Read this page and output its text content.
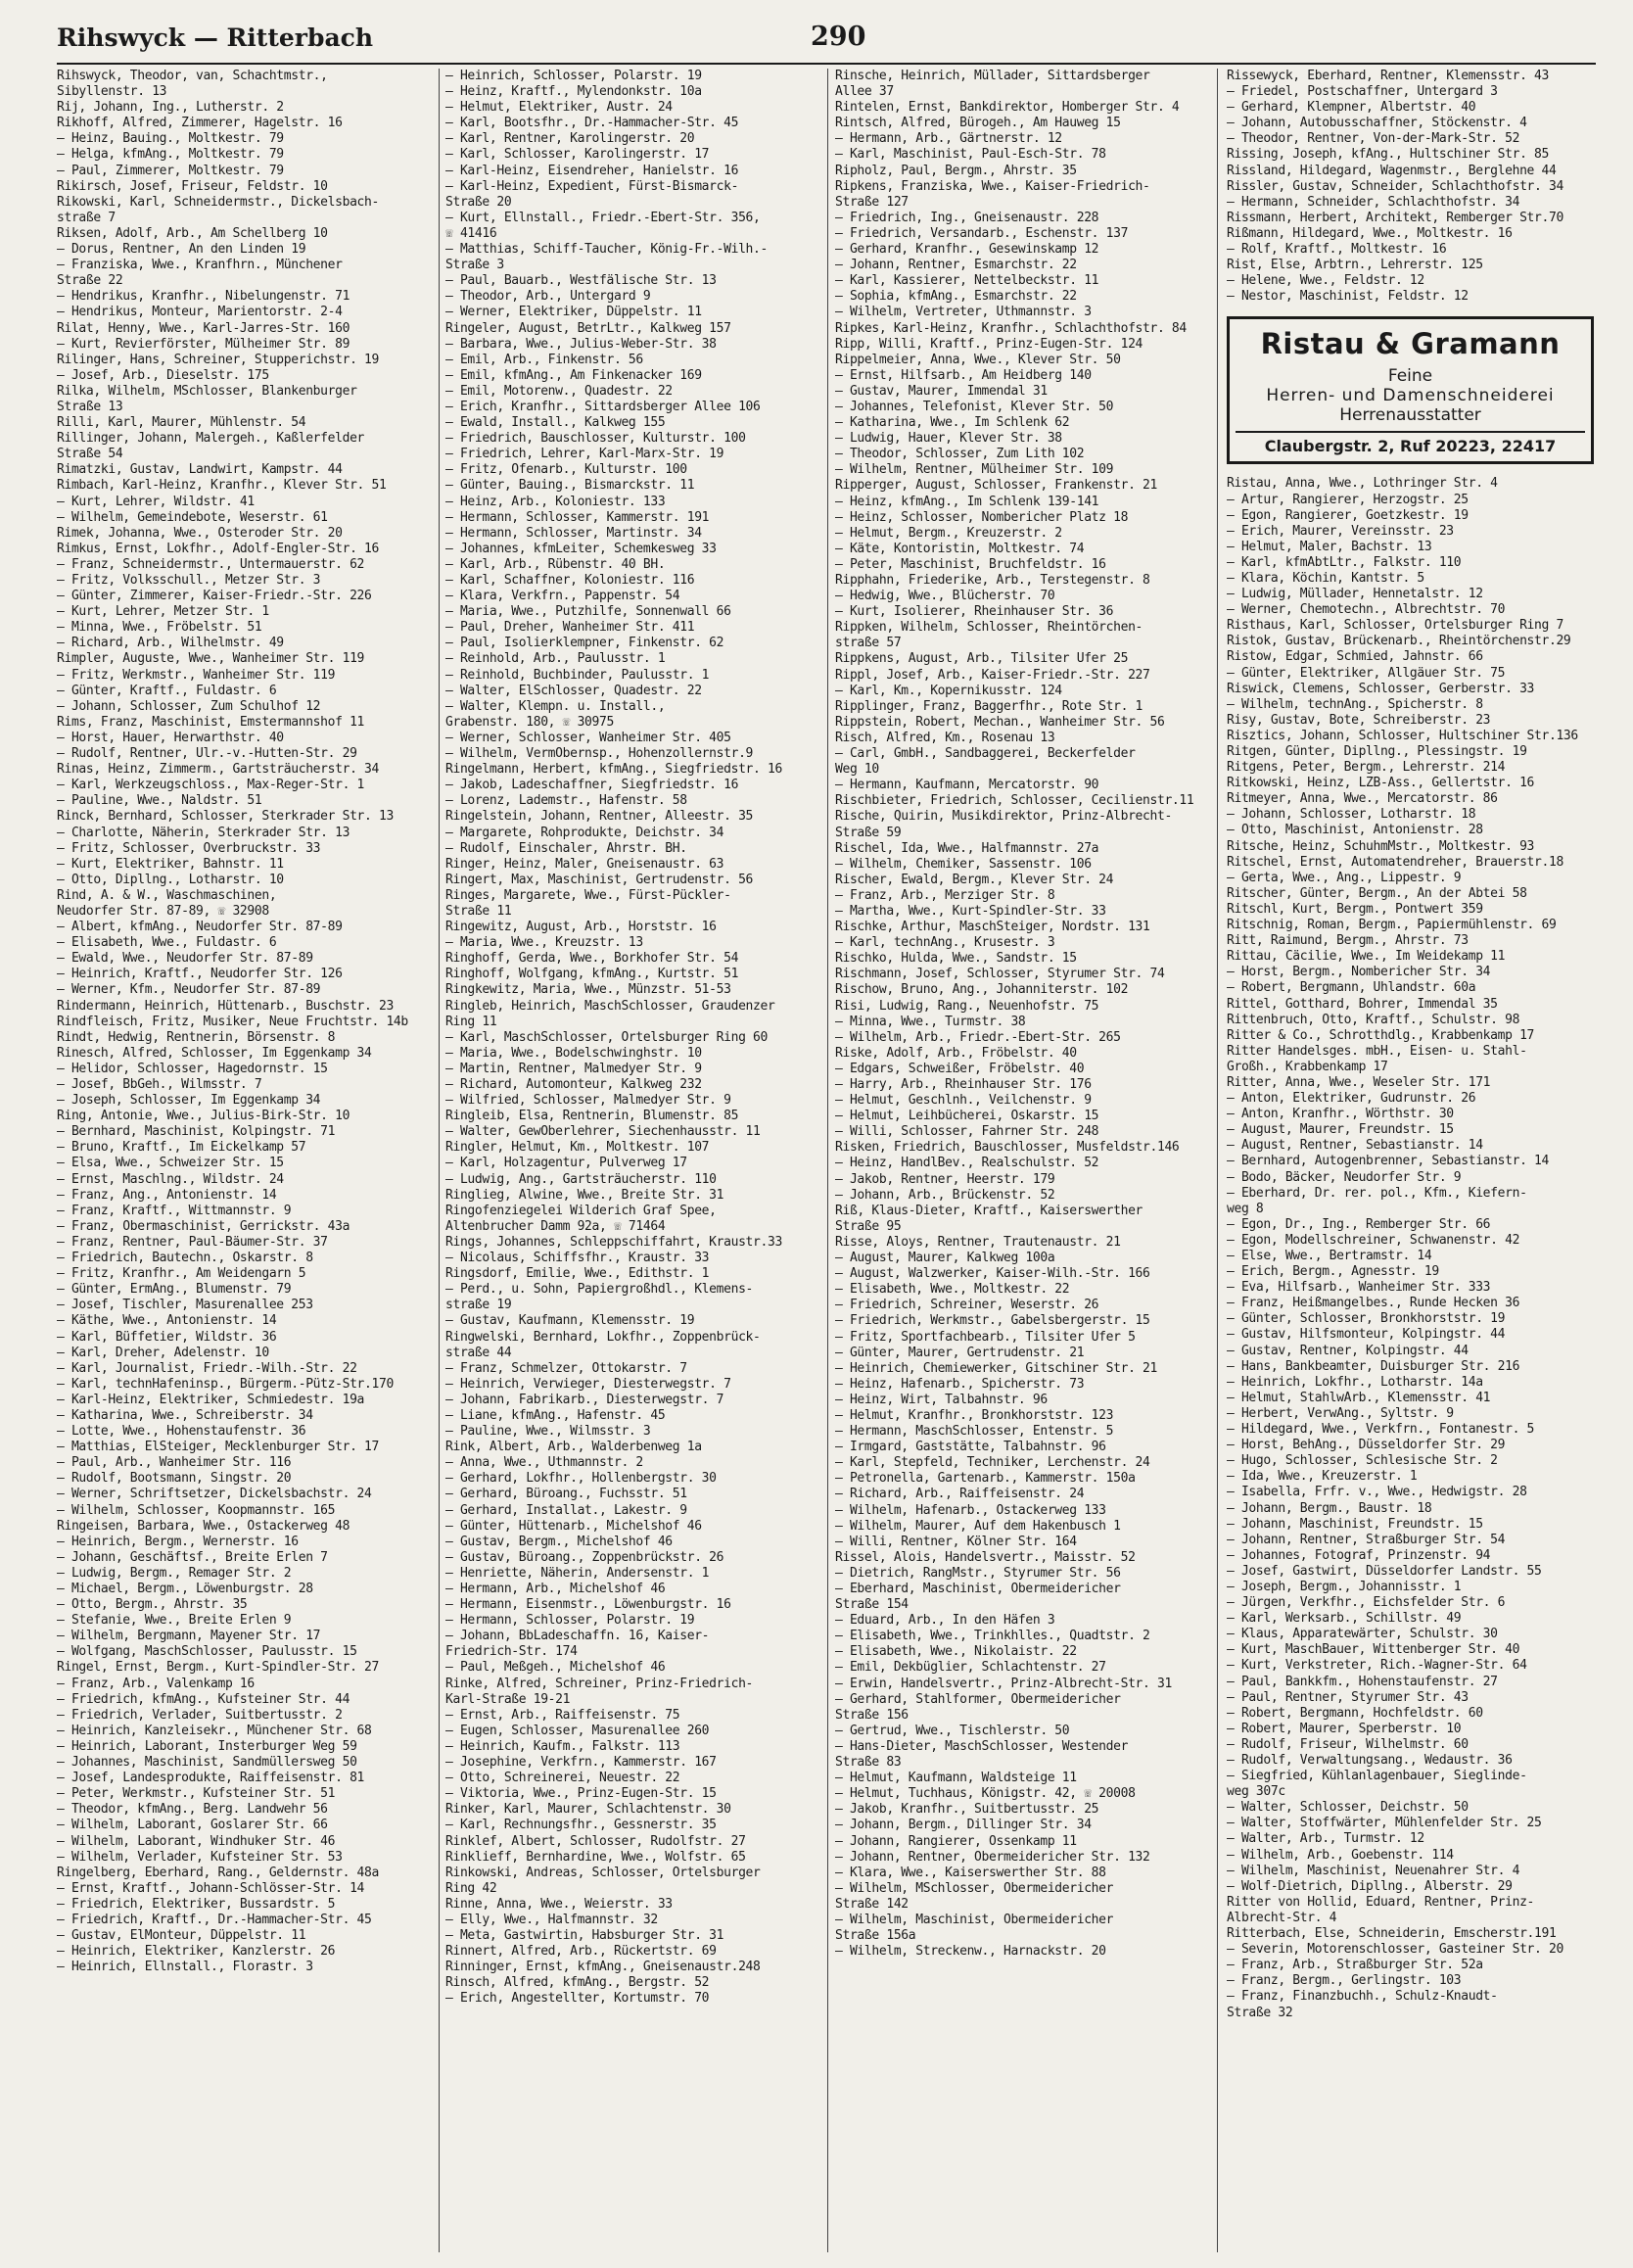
Rihswyck — Ritterbach	290
Rihswyck, Theodor, van, Schachtmstr.,
Sibyllenstr. 13
Rij, Johann, Ing., Lutherstr. 2
Rikhoff, Alfred, Zimmerer, Hagelstr. 16
— Heinz, Bauing., Moltkestr. 79
— Helga, kfmAng., Moltkestr. 79
— Paul, Zimmerer, Moltkestr. 79
Rikirsch, Josef, Friseur, Feldstr. 10
Rikowski, Karl, Schneidermstr., Dickelsbach-
straße 7
Riksen, Adolf, Arb., Am Schellberg 10
— Dorus, Rentner, An den Linden 19
— Franziska, Wwe., Kranfhrn., Münchener
Straße 22
— Hendrikus, Kranfhr., Nibelungenstr. 71
— Hendrikus, Monteur, Marientorstr. 2-4
Rilat, Henny, Wwe., Karl-Jarres-Str. 160
— Kurt, Revierförster, Mülheimer Str. 89
Rilinger, Hans, Schreiner, Stupperichstr. 19
— Josef, Arb., Dieselstr. 175
Rilka, Wilhelm, MSchlosser, Blankenburger
Straße 13
Rilli, Karl, Maurer, Mühlenstr. 54
Rillinger, Johann, Malergeh., Kaßlerfelder
Straße 54
Rimatzki, Gustav, Landwirt, Kampstr. 44
Rimbach, Karl-Heinz, Kranfhr., Klever Str. 51
— Kurt, Lehrer, Wildstr. 41
— Wilhelm, Gemeindebote, Weserstr. 61
Rimek, Johanna, Wwe., Osteroder Str. 20
Rimkus, Ernst, Lokfhr., Adolf-Engler-Str. 16
— Franz, Schneidermstr., Untermauerstr. 62
— Fritz, Volksschull., Metzer Str. 3
— Günter, Zimmerer, Kaiser-Friedr.-Str. 226
— Kurt, Lehrer, Metzer Str. 1
— Minna, Wwe., Fröbelstr. 51
— Richard, Arb., Wilhelmstr. 49
Rimpler, Auguste, Wwe., Wanheimer Str. 119
— Fritz, Werkmstr., Wanheimer Str. 119
— Günter, Kraftf., Fuldastr. 6
— Johann, Schlosser, Zum Schulhof 12
Rims, Franz, Maschinist, Emstermannshof 11
— Horst, Hauer, Herwarthstr. 40
— Rudolf, Rentner, Ulr.-v.-Hutten-Str. 29
Rinas, Heinz, Zimmerm., Gartsträucherstr. 34
— Karl, Werkzeugschloss., Max-Reger-Str. 1
— Pauline, Wwe., Naldstr. 51
Rinck, Bernhard, Schlosser, Sterkrader Str. 13
— Charlotte, Näherin, Sterkrader Str. 13
— Fritz, Schlosser, Overbruckstr. 33
— Kurt, Elektriker, Bahnstr. 11
— Otto, Dipllng., Lotharstr. 10
Rind, A. & W., Waschmaschinen,
Neudorfer Str. 87-89, ☏ 32908
— Albert, kfmAng., Neudorfer Str. 87-89
— Elisabeth, Wwe., Fuldastr. 6
— Ewald, Wwe., Neudorfer Str. 87-89
— Heinrich, Kraftf., Neudorfer Str. 126
— Werner, Kfm., Neudorfer Str. 87-89
Rindermann, Heinrich, Hüttenarb., Buschstr. 23
Rindfleisch, Fritz, Musiker, Neue Fruchtstr. 14b
Rindt, Hedwig, Rentnerin, Börsenstr. 8
Rinesch, Alfred, Schlosser, Im Eggenkamp 34
— Helidor, Schlosser, Hagedornstr. 15
— Josef, BbGeh., Wilmsstr. 7
— Joseph, Schlosser, Im Eggenkamp 34
Ring, Antonie, Wwe., Julius-Birk-Str. 10
— Bernhard, Maschinist, Kolpingstr. 71
— Bruno, Kraftf., Im Eickelkamp 57
— Elsa, Wwe., Schweizer Str. 15
— Ernst, Maschlng., Wildstr. 24
— Franz, Ang., Antonienstr. 14
— Franz, Kraftf., Wittmannstr. 9
— Franz, Obermaschinist, Gerrickstr. 43a
— Franz, Rentner, Paul-Bäumer-Str. 37
— Friedrich, Bautechn., Oskarstr. 8
— Fritz, Kranfhr., Am Weidengarn 5
— Günter, ErmAng., Blumenstr. 79
— Josef, Tischler, Masurenallee 253
— Käthe, Wwe., Antonienstr. 14
— Karl, Büffetier, Wildstr. 36
— Karl, Dreher, Adelenstr. 10
— Karl, Journalist, Friedr.-Wilh.-Str. 22
— Karl, technHafeninsp., Bürgerm.-Pütz-Str.170
— Karl-Heinz, Elektriker, Schmiedestr. 19a
— Katharina, Wwe., Schreiberstr. 34
— Lotte, Wwe., Hohenstaufenstr. 36
— Matthias, ElSteiger, Mecklenburger Str. 17
— Paul, Arb., Wanheimer Str. 116
— Rudolf, Bootsmann, Singstr. 20
— Werner, Schriftsetzer, Dickelsbachstr. 24
— Wilhelm, Schlosser, Koopmannstr. 165
Ringeisen, Barbara, Wwe., Ostackerweg 48
— Heinrich, Bergm., Wernerstr. 16
— Johann, Geschäftsf., Breite Erlen 7
— Ludwig, Bergm., Remager Str. 2
— Michael, Bergm., Löwenburgstr. 28
— Otto, Bergm., Ahrstr. 35
— Stefanie, Wwe., Breite Erlen 9
— Wilhelm, Bergmann, Mayener Str. 17
— Wolfgang, MaschSchlosser, Paulusstr. 15
Ringel, Ernst, Bergm., Kurt-Spindler-Str. 27
— Franz, Arb., Valenkamp 16
— Friedrich, kfmAng., Kufsteiner Str. 44
— Friedrich, Verlader, Suitbertusstr. 2
— Heinrich, Kanzleisekr., Münchener Str. 68
— Heinrich, Laborant, Insterburger Weg 59
— Johannes, Maschinist, Sandmüllersweg 50
— Josef, Landesprodukte, Raiffeisenstr. 81
— Peter, Werkmstr., Kufsteiner Str. 51
— Theodor, kfmAng., Berg. Landwehr 56
— Wilhelm, Laborant, Goslarer Str. 66
— Wilhelm, Laborant, Windhuker Str. 46
— Wilhelm, Verlader, Kufsteiner Str. 53
Ringelberg, Eberhard, Rang., Geldernstr. 48a
— Ernst, Kraftf., Johann-Schlösser-Str. 14
— Friedrich, Elektriker, Bussardstr. 5
— Friedrich, Kraftf., Dr.-Hammacher-Str. 45
— Gustav, ElMonteur, Düppelstr. 11
— Heinrich, Elektriker, Kanzlerstr. 26
— Heinrich, Ellnstall., Florastr. 3
— Heinrich, Schlosser, Polarstr. 19
— Heinz, Kraftf., Mylendonkstr. 10a
— Helmut, Elektriker, Austr. 24
— Karl, Bootsfhr., Dr.-Hammacher-Str. 45
— Karl, Rentner, Karolingerstr. 20
— Karl, Schlosser, Karolingerstr. 17
— Karl-Heinz, Eisendreher, Hanielstr. 16
— Karl-Heinz, Expedient, Fürst-Bismarck-
Straße 20
— Kurt, Ellnstall., Friedr.-Ebert-Str. 356,
☏ 41416
— Matthias, Schiff-Taucher, König-Fr.-Wilh.-
Straße 3
— Paul, Bauarb., Westfälische Str. 13
— Theodor, Arb., Untergard 9
— Werner, Elektriker, Düppelstr. 11
Ringeler, August, BetrLtr., Kalkweg 157
— Barbara, Wwe., Julius-Weber-Str. 38
— Emil, Arb., Finkenstr. 56
— Emil, kfmAng., Am Finkenacker 169
— Emil, Motorenw., Quadestr. 22
— Erich, Kranfhr., Sittardsberger Allee 106
— Ewald, Install., Kalkweg 155
— Friedrich, Bauschlosser, Kulturstr. 100
— Friedrich, Lehrer, Karl-Marx-Str. 19
— Fritz, Ofenarb., Kulturstr. 100
— Günter, Bauing., Bismarckstr. 11
— Heinz, Arb., Koloniestr. 133
— Hermann, Schlosser, Kammerstr. 191
— Hermann, Schlosser, Martinstr. 34
— Johannes, kfmLeiter, Schemkesweg 33
— Karl, Arb., Rübenstr. 40 BH.
— Karl, Schaffner, Koloniestr. 116
— Klara, Verkfrn., Pappenstr. 54
— Maria, Wwe., Putzhilfe, Sonnenwall 66
— Paul, Dreher, Wanheimer Str. 411
— Paul, Isolierklempner, Finkenstr. 62
— Reinhold, Arb., Paulusstr. 1
— Reinhold, Buchbinder, Paulusstr. 1
— Walter, ElSchlosser, Quadestr. 22
— Walter, Klempn. u. Install.,
Grabenstr. 180, ☏ 30975
— Werner, Schlosser, Wanheimer Str. 405
— Wilhelm, VermObernsp., Hohenzollernstr.9
Ringelmann, Herbert, kfmAng., Siegfriedstr. 16
— Jakob, Ladeschaffner, Siegfriedstr. 16
— Lorenz, Lademstr., Hafenstr. 58
Ringelstein, Johann, Rentner, Alleestr. 35
— Margarete, Rohprodukte, Deichstr. 34
— Rudolf, Einschaler, Ahrstr. BH.
Ringer, Heinz, Maler, Gneisenaustr. 63
Ringert, Max, Maschinist, Gertrudenstr. 56
Ringes, Margarete, Wwe., Fürst-Pückler-
Straße 11
Ringewitz, August, Arb., Horststr. 16
— Maria, Wwe., Kreuzstr. 13
Ringhoff, Gerda, Wwe., Borkhofer Str. 54
Ringhoff, Wolfgang, kfmAng., Kurtstr. 51
Ringkewitz, Maria, Wwe., Münzstr. 51-53
Ringleb, Heinrich, MaschSchlosser, Graudenzer
Ring 11
— Karl, MaschSchlosser, Ortelsburger Ring 60
— Maria, Wwe., Bodelschwinghstr. 10
— Martin, Rentner, Malmedyer Str. 9
— Richard, Automonteur, Kalkweg 232
— Wilfried, Schlosser, Malmedyer Str. 9
Ringleib, Elsa, Rentnerin, Blumenstr. 85
— Walter, GewÖberlehrer, Siechenhausstr. 11
Ringler, Helmut, Km., Moltkestr. 107
— Karl, Holzagentur, Pulverweg 17
— Ludwig, Ang., Gartsträucherstr. 110
Ringlieg, Alwine, Wwe., Breite Str. 31
Ringofenziegelei Wilderich Graf Spee,
Altenbrucher Damm 92a, ☏ 71464
Rings, Johannes, Schleppschiffahrt, Kraustr.33
— Nicolaus, Schiffsfhr., Kraustr. 33
Ringsdorf, Emilie, Wwe., Edithstr. 1
— Perd., u. Sohn, Papiergroßhdl., Klemens-
straße 19
— Gustav, Kaufmann, Klemensstr. 19
Ringwelski, Bernhard, Lokfhr., Zoppenbrück-
straße 44
— Franz, Schmelzer, Ottokarstr. 7
— Heinrich, Verwieger, Diesterwegstr. 7
— Johann, Fabrikarb., Diesterwegstr. 7
— Liane, kfmAng., Hafenstr. 45
— Pauline, Wwe., Wilmsstr. 3
Rink, Albert, Arb., Walderbenweg 1a
— Anna, Wwe., Uthmannstr. 2
— Gerhard, Lokfhr., Hollenbergstr. 30
— Gerhard, Büroang., Fuchsstr. 51
— Gerhard, Installat., Lakestr. 9
— Günter, Hüttenarb., Michelshof 46
— Gustav, Bergm., Michelshof 46
— Gustav, Büroang., Zoppenbrückstr. 26
— Henriette, Näherin, Andersenstr. 1
— Hermann, Arb., Michelshof 46
— Hermann, Eisenmstr., Löwenburgstr. 16
— Hermann, Schlosser, Polarstr. 19
— Johann, BbLadeschaffn. 16, Kaiser-
Friedrich-Str. 174
— Paul, Meßgeh., Michelshof 46
Rinke, Alfred, Schreiner, Prinz-Friedrich-
Karl-Straße 19-21
— Ernst, Arb., Raiffeisenstr. 75
— Eugen, Schlosser, Masurenallee 260
— Heinrich, Kaufm., Falkstr. 113
— Josephine, Verkfrn., Kammerstr. 167
— Otto, Schreinerei, Neuestr. 22
— Viktoria, Wwe., Prinz-Eugen-Str. 15
Rinker, Karl, Maurer, Schlachtenstr. 30
— Karl, Rechnungsfhr., Gessnerstr. 35
Rinklef, Albert, Schlosser, Rudolfstr. 27
Rinklieff, Bernhardine, Wwe., Wolfstr. 65
Rinkowski, Andreas, Schlosser, Ortelsburger
Ring 42
Rinne, Anna, Wwe., Weierstr. 33
— Elly, Wwe., Halfmannstr. 32
— Meta, Gastwirtin, Habsburger Str. 31
Rinnert, Alfred, Arb., Rückertstr. 69
Rinninger, Ernst, kfmAng., Gneisenaustr.248
Rinsch, Alfred, kfmAng., Bergstr. 52
— Erich, Angestellter, Kortumstr. 70
Rinsche, Heinrich, Müllader, Sittardsberger
Allee 37
Rintelen, Ernst, Bankdirektor, Homberger Str. 4
Rintsch, Alfred, Bürogeh., Am Hauweg 15
— Hermann, Arb., Gärtnerstr. 12
— Karl, Maschinist, Paul-Esch-Str. 78
Ripholz, Paul, Bergm., Ahrstr. 35
Ripkens, Franziska, Wwe., Kaiser-Friedrich-
Straße 127
— Friedrich, Ing., Gneisenaustr. 228
— Friedrich, Versandarb., Eschenstr. 137
— Gerhard, Kranfhr., Gesewinskamp 12
— Johann, Rentner, Esmarchstr. 22
— Karl, Kassierer, Nettelbeckstr. 11
— Sophia, kfmAng., Esmarchstr. 22
— Wilhelm, Vertreter, Uthmannstr. 3
Ripkes, Karl-Heinz, Kranfhr., Schlachthofstr. 84
Ripp, Willi, Kraftf., Prinz-Eugen-Str. 124
Rippelmeier, Anna, Wwe., Klever Str. 50
— Ernst, Hilfsarb., Am Heidberg 140
— Gustav, Maurer, Immendal 31
— Johannes, Telefonist, Klever Str. 50
— Katharina, Wwe., Im Schlenk 62
— Ludwig, Hauer, Klever Str. 38
— Theodor, Schlosser, Zum Lith 102
— Wilhelm, Rentner, Mülheimer Str. 109
Ripperger, August, Schlosser, Frankenstr. 21
— Heinz, kfmAng., Im Schlenk 139-141
— Heinz, Schlosser, Nombericher Platz 18
— Helmut, Bergm., Kreuzerstr. 2
— Käte, Kontoristin, Moltkestr. 74
— Peter, Maschinist, Bruchfeldstr. 16
Ripphahn, Friederike, Arb., Terstegenstr. 8
— Hedwig, Wwe., Blücherstr. 70
— Kurt, Isolierer, Rheinhauser Str. 36
Rippken, Wilhelm, Schlosser, Rheintörchen-
straße 57
Rippkens, August, Arb., Tilsiter Ufer 25
Rippl, Josef, Arb., Kaiser-Friedr.-Str. 227
— Karl, Km., Kopernikusstr. 124
Ripplinger, Franz, Baggerfhr., Rote Str. 1
Rippstein, Robert, Mechan., Wanheimer Str. 56
Risch, Alfred, Km., Rosenau 13
— Carl, GmbH., Sandbaggerei, Beckerfelder
Weg 10
— Hermann, Kaufmann, Mercatorstr. 90
Rischbieter, Friedrich, Schlosser, Cecilienstr.11
Rische, Quirin, Musikdirektor, Prinz-Albrecht-
Straße 59
Rischel, Ida, Wwe., Halfmannstr. 27a
— Wilhelm, Chemiker, Sassenstr. 106
Rischer, Ewald, Bergm., Klever Str. 24
— Franz, Arb., Merziger Str. 8
— Martha, Wwe., Kurt-Spindler-Str. 33
Rischke, Arthur, MaschSteiger, Nordstr. 131
— Karl, technAng., Krusestr. 3
Rischko, Hulda, Wwe., Sandstr. 15
Rischmann, Josef, Schlosser, Styrumer Str. 74
Rischow, Bruno, Ang., Johanniterstr. 102
Risi, Ludwig, Rang., Neuenhofstr. 75
— Minna, Wwe., Turmstr. 38
— Wilhelm, Arb., Friedr.-Ebert-Str. 265
Riske, Adolf, Arb., Fröbelstr. 40
— Edgars, Schweißer, Fröbelstr. 40
— Harry, Arb., Rheinhauser Str. 176
— Helmut, Geschlnh., Veilchenstr. 9
— Helmut, Leihbücherei, Oskarstr. 15
— Willi, Schlosser, Fahrner Str. 248
Risken, Friedrich, Bauschlosser, Musfeldstr.146
— Heinz, HandlBev., Realschulstr. 52
— Jakob, Rentner, Heerstr. 179
— Johann, Arb., Brückenstr. 52
Riß, Klaus-Dieter, Kraftf., Kaiserswerther
Straße 95
Risse, Aloys, Rentner, Trautenaustr. 21
— August, Maurer, Kalkweg 100a
— August, Walzwerker, Kaiser-Wilh.-Str. 166
— Elisabeth, Wwe., Moltkestr. 22
— Friedrich, Schreiner, Weserstr. 26
— Friedrich, Werkmstr., Gabelsbergerstr. 15
— Fritz, Sportfachbearb., Tilsiter Ufer 5
— Günter, Maurer, Gertrudenstr. 21
— Heinrich, Chemiewerker, Gitschiner Str. 21
— Heinz, Hafenarb., Spicherstr. 73
— Heinz, Wirt, Talbahnstr. 96
— Helmut, Kranfhr., Bronkhorststr. 123
— Hermann, MaschSchlosser, Entenstr. 5
— Irmgard, Gaststätte, Talbahnstr. 96
— Karl, Stepfeld, Techniker, Lerchenstr. 24
— Petronella, Gartenarb., Kammerstr. 150a
— Richard, Arb., Raiffeisenstr. 24
— Wilhelm, Hafenarb., Ostackerweg 133
— Wilhelm, Maurer, Auf dem Hakenbusch 1
— Willi, Rentner, Kölner Str. 164
Rissel, Alois, Handelsvertr., Maisstr. 52
— Dietrich, RangMstr., Styrumer Str. 56
— Eberhard, Maschinist, Obermeidericher
Straße 154
— Eduard, Arb., In den Häfen 3
— Elisabeth, Wwe., Trinkhlles., Quadtstr. 2
— Elisabeth, Wwe., Nikolaistr. 22
— Emil, Dekbüglier, Schlachtenstr. 27
— Erwin, Handelsvertr., Prinz-Albrecht-Str. 31
— Gerhard, Stahlformer, Obermeidericher
Straße 156
— Gertrud, Wwe., Tischlerstr. 50
— Hans-Dieter, MaschSchlosser, Westender
Straße 83
— Helmut, Kaufmann, Waldsteige 11
— Helmut, Tuchhaus, Königstr. 42, ☏ 20008
— Jakob, Kranfhr., Suitbertusstr. 25
— Johann, Bergm., Dillinger Str. 34
— Johann, Rangierer, Ossenkamp 11
— Johann, Rentner, Obermeidericher Str. 132
— Klara, Wwe., Kaiserswerther Str. 88
— Wilhelm, MSchlosser, Obermeidericher
Straße 142
— Wilhelm, Maschinist, Obermeidericher
Straße 156a
— Wilhelm, Streckenw., Harnackstr. 20
Rissewyck, Eberhard, Rentner, Klemensstr. 43
— Friedel, Postschaffner, Untergard 3
— Gerhard, Klempner, Albertstr. 40
— Johann, Autobusschaffner, Stöckenstr. 4
— Theodor, Rentner, Von-der-Mark-Str. 52
Rissing, Joseph, kfAng., Hultschiner Str. 85
Rissland, Hildegard, Wagenmstr., Berglehne 44
Rissler, Gustav, Schneider, Schlachthofstr. 34
— Hermann, Schneider, Schlachthofstr. 34
Rissmann, Herbert, Architekt, Remberger Str.70
Rißmann, Hildegard, Wwe., Moltkestr. 16
— Rolf, Kraftf., Moltkestr. 16
Rist, Else, Arbtrn., Lehrerstr. 125
— Helene, Wwe., Feldstr. 12
— Nestor, Maschinist, Feldstr. 12
Ristau & Gramann
Feine
Herren- und Damenschneiderei
Herrenausstatter
Claubergstr. 2, Ruf 20223, 22417
Ristau, Anna, Wwe., Lothringer Str. 4
— Artur, Rangierer, Herzogstr. 25
— Egon, Rangierer, Goetzkestr. 19
— Erich, Maurer, Vereinsstr. 23
— Helmut, Maler, Bachstr. 13
— Karl, kfmAbtLtr., Falkstr. 110
— Klara, Köchin, Kantstr. 5
— Ludwig, Müllader, Hennetalstr. 12
— Werner, Chemotechn., Albrechtstr. 70
Risthaus, Karl, Schlosser, Ortelsburger Ring 7
Ristok, Gustav, Brückenarb., Rheintörchenstr.29
Ristow, Edgar, Schmied, Jahnstr. 66
— Günter, Elektriker, Allgäuer Str. 75
Riswick, Clemens, Schlosser, Gerberstr. 33
— Wilhelm, technAng., Spicherstr. 8
Risy, Gustav, Bote, Schreiberstr. 23
Risztics, Johann, Schlosser, Hultschiner Str.136
Ritgen, Günter, Dipllng., Plessingstr. 19
Ritgens, Peter, Bergm., Lehrerstr. 214
Ritkowski, Heinz, LZB-Ass., Gellertstr. 16
Ritmeyer, Anna, Wwe., Mercatorstr. 86
— Johann, Schlosser, Lotharstr. 18
— Otto, Maschinist, Antonienstr. 28
Ritsche, Heinz, SchuhmMstr., Moltkestr. 93
Ritschel, Ernst, Automatendreher, Brauerstr.18
— Gerta, Wwe., Ang., Lippestr. 9
Ritscher, Günter, Bergm., An der Abtei 58
Ritschl, Kurt, Bergm., Pontwert 359
Ritschnig, Roman, Bergm., Papiermühlenstr. 69
Ritt, Raimund, Bergm., Ahrstr. 73
Rittau, Cäcilie, Wwe., Im Weidekamp 11
— Horst, Bergm., Nombericher Str. 34
— Robert, Bergmann, Uhlandstr. 60a
Rittel, Gotthard, Bohrer, Immendal 35
Rittenbruch, Otto, Kraftf., Schulstr. 98
Ritter & Co., Schrotthdlg., Krabbenkamp 17
Ritter Handelsges. mbH., Eisen- u. Stahl-
Großh., Krabbenkamp 17
Ritter, Anna, Wwe., Weseler Str. 171
— Anton, Elektriker, Gudrunstr. 26
— Anton, Kranfhr., Wörthstr. 30
— August, Maurer, Freundstr. 15
— August, Rentner, Sebastianstr. 14
— Bernhard, Autogenbrenner, Sebastianstr. 14
— Bodo, Bäcker, Neudorfer Str. 9
— Eberhard, Dr. rer. pol., Kfm., Kiefern-
weg 8
— Egon, Dr., Ing., Remberger Str. 66
— Egon, Modellschreiner, Schwanenstr. 42
— Else, Wwe., Bertramstr. 14
— Erich, Bergm., Agnesstr. 19
— Eva, Hilfsarb., Wanheimer Str. 333
— Franz, Heißmangelbes., Runde Hecken 36
— Günter, Schlosser, Bronkhorststr. 19
— Gustav, Hilfsmonteur, Kolpingstr. 44
— Gustav, Rentner, Kolpingstr. 44
— Hans, Bankbeamter, Duisburger Str. 216
— Heinrich, Lokfhr., Lotharstr. 14a
— Helmut, StahlwArb., Klemensstr. 41
— Herbert, VerwAng., Syltstr. 9
— Hildegard, Wwe., Verkfrn., Fontanestr. 5
— Horst, BehAng., Düsseldorfer Str. 29
— Hugo, Schlosser, Schlesische Str. 2
— Ida, Wwe., Kreuzerstr. 1
— Isabella, Frfr. v., Wwe., Hedwigstr. 28
— Johann, Bergm., Baustr. 18
— Johann, Maschinist, Freundstr. 15
— Johann, Rentner, Straßburger Str. 54
— Johannes, Fotograf, Prinzenstr. 94
— Josef, Gastwirt, Düsseldorfer Landstr. 55
— Joseph, Bergm., Johannisstr. 1
— Jürgen, Verkfhr., Eichsfelder Str. 6
— Karl, Werksarb., Schillstr. 49
— Klaus, Apparatewärter, Schulstr. 30
— Kurt, MaschBauer, Wittenberger Str. 40
— Kurt, Verkstreter, Rich.-Wagner-Str. 64
— Paul, Bankkfm., Hohenstaufenstr. 27
— Paul, Rentner, Styrumer Str. 43
— Robert, Bergmann, Hochfeldstr. 60
— Robert, Maurer, Sperberstr. 10
— Rudolf, Friseur, Wilhelmstr. 60
— Rudolf, Verwaltungsang., Wedaustr. 36
— Siegfried, Kühlanlagenbauer, Sieglinde-
weg 307c
— Walter, Schlosser, Deichstr. 50
— Walter, Stoffwärter, Mühlenfelder Str. 25
— Walter, Arb., Turmstr. 12
— Wilhelm, Arb., Goebenstr. 114
— Wilhelm, Maschinist, Neuenahrer Str. 4
— Wolf-Dietrich, Dipllng., Alberstr. 29
Ritter von Hollid, Eduard, Rentner, Prinz-
Albrecht-Str. 4
Ritterbach, Else, Schneiderin, Emscherstr.191
— Severin, Motorenschlosser, Gasteiner Str. 20
— Franz, Arb., Straßburger Str. 52a
— Franz, Bergm., Gerlingstr. 103
— Franz, Finanzbuchh., Schulz-Knaudt-
Straße 32
